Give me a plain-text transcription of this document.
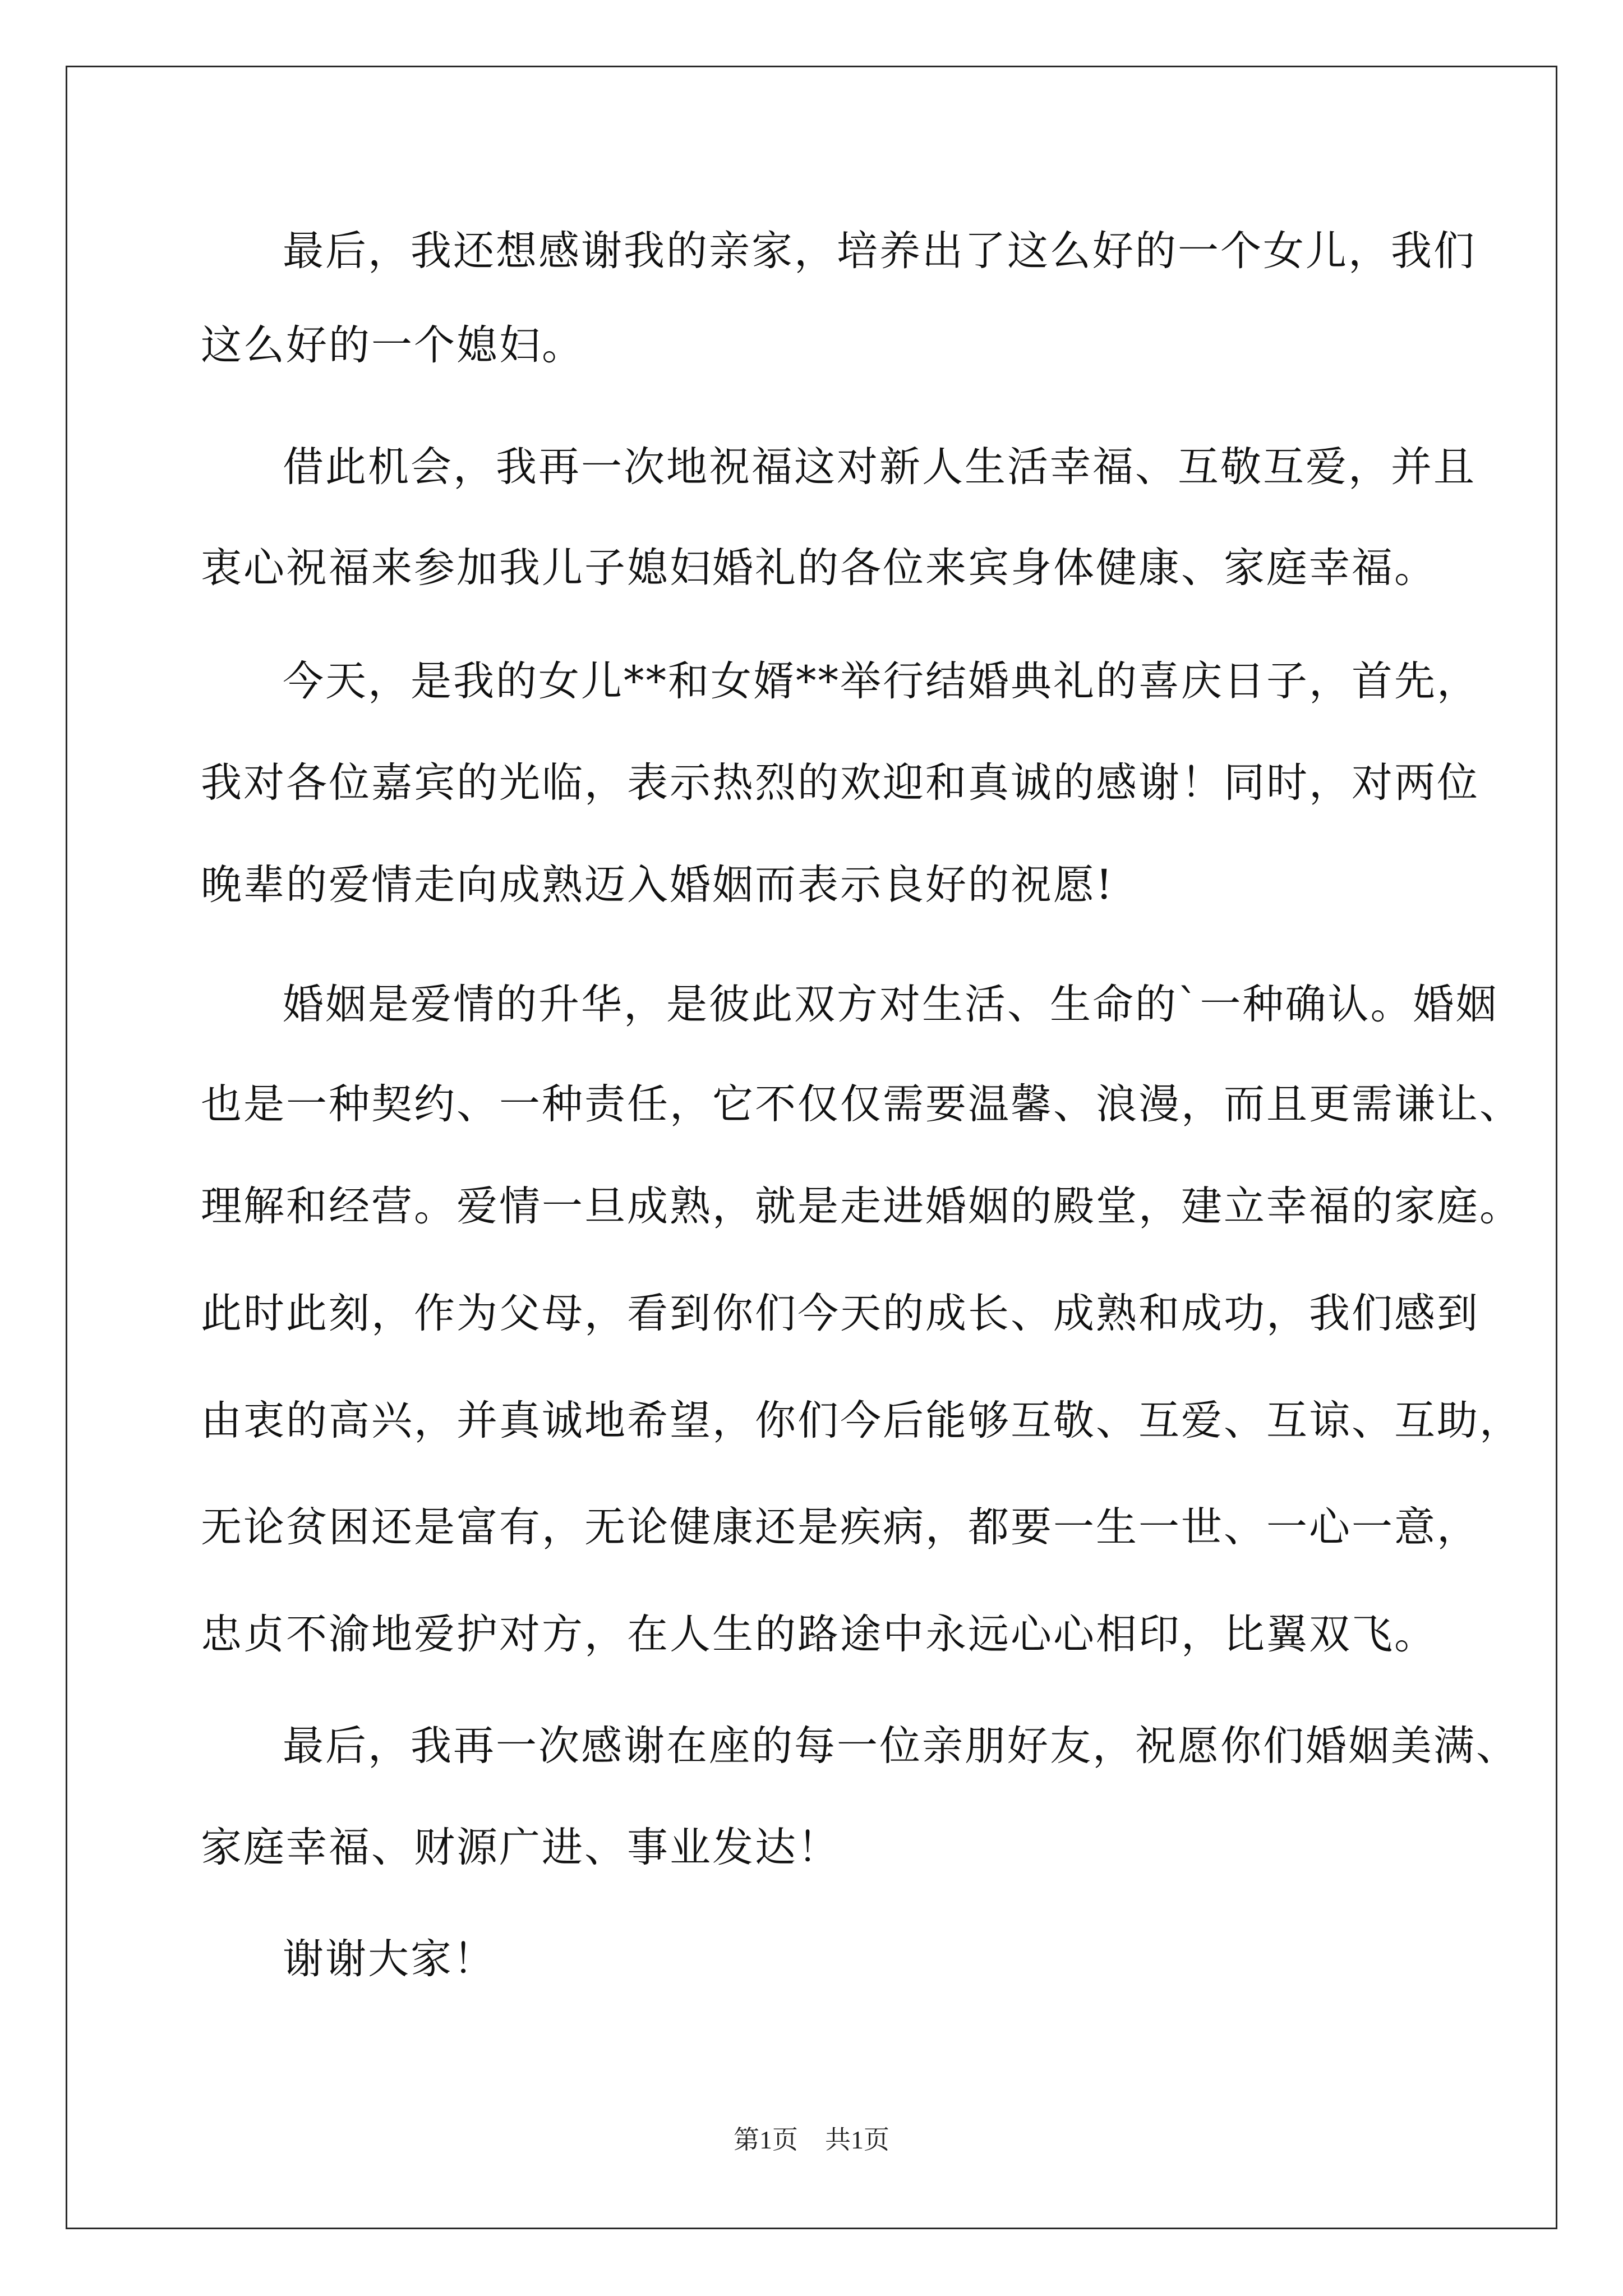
最后，我还想感谢我的亲家，培养出了这么好的一个女儿，我们
这么好的一个媳妇。
借此机会，我再一次地祝福这对新人生活幸福、互敬互爱，并且
衷心祝福来参加我儿子媳妇婚礼的各位来宾身体健康、家庭幸福。
今天，是我的女儿**和女婿**举行结婚典礼的喜庆日子，首先，
我对各位嘉宾的光临，表示热烈的欢迎和真诚的感谢！同时，对两位
晚辈的爱情走向成熟迈入婚姻而表示良好的祝愿!
婚姻是爱情的升华，是彼此双方对生活、生命的`一种确认。婚姻
也是一种契约、一种责任，它不仅仅需要温馨、浪漫，而且更需谦让、
理解和经营。爱情一旦成熟，就是走进婚姻的殿堂，建立幸福的家庭。
此时此刻，作为父母，看到你们今天的成长、成熟和成功，我们感到
由衷的高兴，并真诚地希望，你们今后能够互敬、互爱、互谅、互助，
无论贫困还是富有，无论健康还是疾病，都要一生一世、一心一意，
忠贞不渝地爱护对方，在人生的路途中永远心心相印，比翼双飞。
最后，我再一次感谢在座的每一位亲朋好友，祝愿你们婚姻美满、
家庭幸福、财源广进、事业发达！
谢谢大家！
第1页 共1页
